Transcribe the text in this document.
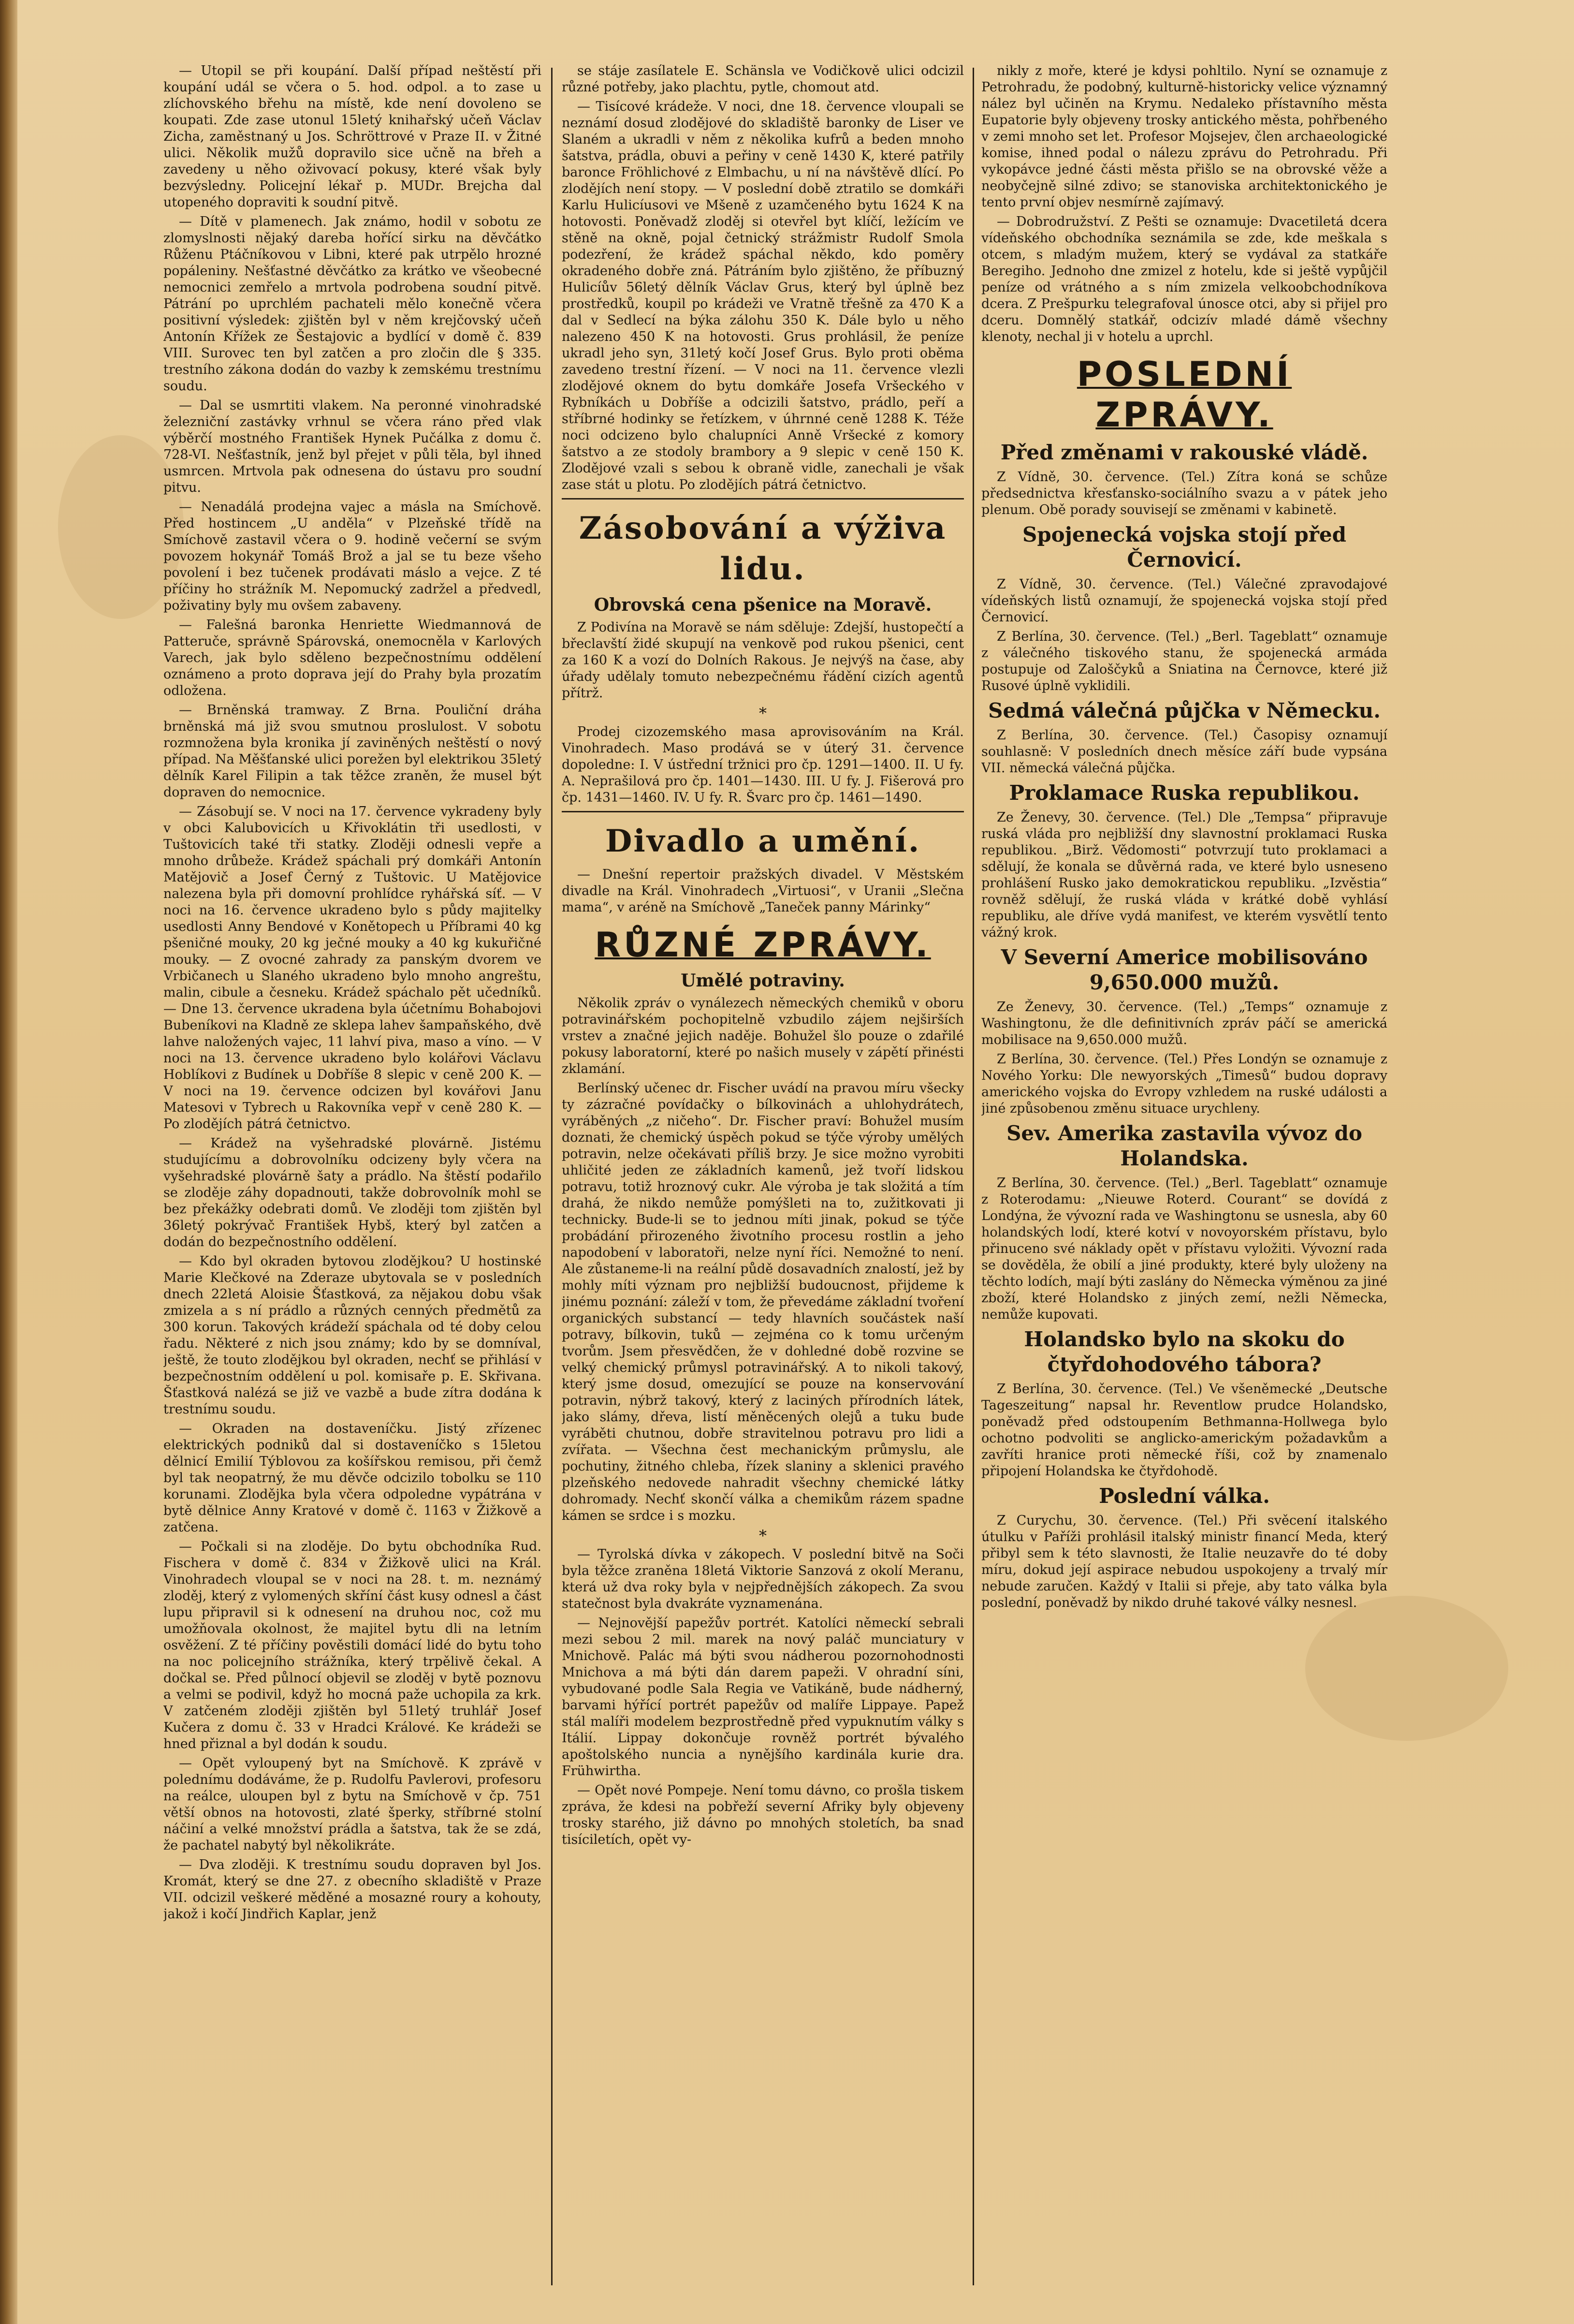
— Utopil se při koupání. Další případ neštěstí při koupání udál se včera o 5. hod. odpol. a to zase u zlíchovského břehu na místě, kde není dovoleno se koupati. Zde zase utonul 15letý knihařský učeň Václav Zicha, zaměstnaný u Jos. Schröttrové v Praze II. v Žitné ulici. Několik mužů dopravilo sice učně na břeh a zavedeny u něho oživovací pokusy, které však byly bezvýsledny. Policejní lékař p. MUDr. Brejcha dal utopeného dopraviti k soudní pitvě.

— Dítě v plamenech. Jak známo, hodil v sobotu ze zlomyslnosti nějaký dareba hořící sirku na děvčátko Růženu Ptáčníkovou v Libni, které pak utrpělo hrozné popáleniny. Nešťastné děvčátko za krátko ve všeobecné nemocnici zemřelo a mrtvola podrobena soudní pitvě. Pátrání po uprchlém pachateli mělo konečně včera positivní výsledek: zjištěn byl v něm krejčovský učeň Antonín Křížek ze Šestajovic a bydlící v domě č. 839 VIII. Surovec ten byl zatčen a pro zločin dle § 335. trestního zákona dodán do vazby k zemskému trestnímu soudu.

— Dal se usmrtiti vlakem. Na peronné vinohradské železniční zastávky vrhnul se včera ráno před vlak výběrčí mostného František Hynek Pučálka z domu č. 728-VI. Nešťastník, jenž byl přejet v půli těla, byl ihned usmrcen. Mrtvola pak odnesena do ústavu pro soudní pitvu.

— Nenadálá prodejna vajec a másla na Smíchově. Před hostincem „U anděla“ v Plzeňské třídě na Smíchově zastavil včera o 9. hodině večerní se svým povozem hokynář Tomáš Brož a jal se tu beze všeho povolení i bez tučenek prodávati máslo a vejce. Z té příčiny ho strážník M. Nepomucký zadržel a předvedl, poživatiny byly mu ovšem zabaveny.

— Falešná baronka Henriette Wiedmannová de Patteruče, správně Spárovská, onemocněla v Karlových Varech, jak bylo sděleno bezpečnostnímu oddělení oznámeno a proto doprava její do Prahy byla prozatím odložena.

— Brněnská tramway. Z Brna. Pouliční dráha brněnská má již svou smutnou proslulost. V sobotu rozmnožena byla kronika jí zaviněných neštěstí o nový případ. Na Měšťanské ulici porežen byl elektrikou 35letý dělník Karel Filipin a tak těžce zraněn, že musel být dopraven do nemocnice.

— Zásobují se. V noci na 17. července vykradeny byly v obci Kalubovicích u Křivoklátin tři usedlosti, v Tuštovicích také tři statky. Zloději odnesli vepře a mnoho drůbeže. Krádež spáchali prý domkáři Antonín Matějovič a Josef Černý z Tuštovic. U Matějovice nalezena byla při domovní prohlídce ryhářská síť. — V noci na 16. července ukradeno bylo s půdy majitelky usedlosti Anny Bendové v Konětopech u Příbrami 40 kg pšeničné mouky, 20 kg ječné mouky a 40 kg kukuřičné mouky. — Z ovocné zahrady za panským dvorem ve Vrbičanech u Slaného ukradeno bylo mnoho angreštu, malin, cibule a česneku. Krádež spáchalo pět učedníků. — Dne 13. července ukradena byla účetnímu Bohabojovi Bubeníkovi na Kladně ze sklepa lahev šampaňského, dvě lahve naložených vajec, 11 lahví piva, maso a víno. — V noci na 13. července ukradeno bylo kolářovi Václavu Hoblíkovi z Budínek u Dobříše 8 slepic v ceně 200 K. — V noci na 19. července odcizen byl kovářovi Janu Matesovi v Tybrech u Rakovníka vepř v ceně 280 K. — Po zlodějích pátrá četnictvo.

— Krádež na vyšehradské plovárně. Jistému studujícímu a dobrovolníku odcizeny byly včera na vyšehradské plovárně šaty a prádlo. Na štěstí podařilo se zloděje záhy dopadnouti, takže dobrovolník mohl se bez překážky odebrati domů. Ve zloději tom zjištěn byl 36letý pokrývač František Hybš, který byl zatčen a dodán do bezpečnostního oddělení.

— Kdo byl okraden bytovou zlodějkou? U hostinské Marie Klečkové na Zderaze ubytovala se v posledních dnech 22letá Aloisie Šťastková, za nějakou dobu však zmizela a s ní prádlo a různých cenných předmětů za 300 korun. Takových krádeží spáchala od té doby celou řadu. Některé z nich jsou známy; kdo by se domníval, ještě, že touto zlodějkou byl okraden, nechť se přihlásí v bezpečnostním oddělení u pol. komisaře p. E. Skřivana. Šťastková nalézá se již ve vazbě a bude zítra dodána k trestnímu soudu.

— Okraden na dostaveníčku. Jistý zřízenec elektrických podniků dal si dostaveníčko s 15letou dělnicí Emilií Týblovou za košířskou remisou, při čemž byl tak neopatrný, že mu děvče odcizilo tobolku se 110 korunami. Zlodějka byla včera odpoledne vypátrána v bytě dělnice Anny Kratové v domě č. 1163 v Žižkově a zatčena.

— Počkali si na zloděje. Do bytu obchodníka Rud. Fischera v domě č. 834 v Žižkově ulici na Král. Vinohradech vloupal se v noci na 28. t. m. neznámý zloděj, který z vylomených skříní část kusy odnesl a část lupu připravil si k odnesení na druhou noc, což mu umožňovala okolnost, že majitel bytu dli na letním osvěžení. Z té příčiny pověstili domácí lidé do bytu toho na noc policejního strážníka, který trpělivě čekal. A dočkal se. Před půlnocí objevil se zloděj v bytě poznovu a velmi se podivil, když ho mocná paže uchopila za krk. V zatčeném zloději zjištěn byl 51letý truhlář Josef Kučera z domu č. 33 v Hradci Králové. Ke krádeži se hned přiznal a byl dodán k soudu.

— Opět vyloupený byt na Smíchově. K zprávě v polednímu dodáváme, že p. Rudolfu Pavlerovi, profesoru na reálce, uloupen byl z bytu na Smíchově v čp. 751 větší obnos na hotovosti, zlaté šperky, stříbrné stolní náčiní a velké množství prádla a šatstva, tak že se zdá, že pachatel nabytý byl několikráte.

— Dva zloději. K trestnímu soudu dopraven byl Jos. Kromát, který se dne 27. z obecního skladiště v Praze VII. odcizil veškeré měděné a mosazné roury a kohouty, jakož i kočí Jindřich Kaplar, jenž

se stáje zasílatele E. Schänsla ve Vodičkově ulici odcizil různé potřeby, jako plachtu, pytle, chomout atd.

— Tisícové krádeže. V noci, dne 18. července vloupali se neznámí dosud zlodějové do skladiště baronky de Liser ve Slaném a ukradli v něm z několika kufrů a beden mnoho šatstva, prádla, obuvi a peřiny v ceně 1430 K, které patřily baronce Fröhlichové z Elmbachu, u ní na návštěvě dlící. Po zlodějích není stopy. — V poslední době ztratilo se domkáři Karlu Hulicíusovi ve Mšeně z uzamčeného bytu 1624 K na hotovosti. Poněvadž zloděj si otevřel byt klíčí, ležícím ve stěně na okně, pojal četnický strážmistr Rudolf Smola podezření, že krádež spáchal někdo, kdo poměry okradeného dobře zná. Pátráním bylo zjištěno, že příbuzný Hulicíův 56letý dělník Václav Grus, který byl úplně bez prostředků, koupil po krádeži ve Vratně třešně za 470 K a dal v Sedlecí na býka zálohu 350 K. Dále bylo u něho nalezeno 450 K na hotovosti. Grus prohlásil, že peníze ukradl jeho syn, 31letý kočí Josef Grus. Bylo proti oběma zavedeno trestní řízení. — V noci na 11. července vlezli zlodějové oknem do bytu domkáře Josefa Vršeckého v Rybníkách u Dobříše a odcizili šatstvo, prádlo, peří a stříbrné hodinky se řetízkem, v úhrnné ceně 1288 K. Téže noci odcizeno bylo chalupníci Anně Vršecké z komory šatstvo a ze stodoly brambory a 9 slepic v ceně 150 K. Zlodějové vzali s sebou k obraně vidle, zanechali je však zase stát u plotu. Po zlodějích pátrá četnictvo.

Zásobování a výživa lidu.
Obrovská cena pšenice na Moravě.

Z Podivína na Moravě se nám sděluje: Zdejší, hustopečtí a břeclavští židé skupují na venkově pod rukou pšenici, cent za 160 K a vozí do Dolních Rakous. Je nejvýš na čase, aby úřady udělaly tomuto nebezpečnému řádění cizích agentů přítrž.

*

Prodej cizozemského masa aprovisováním na Král. Vinohradech. Maso prodává se v úterý 31. července dopoledne: I. V ústřední tržnici pro čp. 1291—1400. II. U fy. A. Neprašilová pro čp. 1401—1430. III. U fy. J. Fišerová pro čp. 1431—1460. IV. U fy. R. Švarc pro čp. 1461—1490.

Divadlo a umění.

— Dnešní repertoir pražských divadel. V Městském divadle na Král. Vinohradech „Virtuosi“, v Uranii „Slečna mama“, v aréně na Smíchově „Taneček panny Márinky“

RŮZNÉ ZPRÁVY.
Umělé potraviny.

Několik zpráv o vynálezech německých chemiků v oboru potravinářském pochopitelně vzbudilo zájem nejširších vrstev a značné jejich naděje. Bohužel šlo pouze o zdařilé pokusy laboratorní, které po našich musely v zápětí přinésti zklamání.

Berlínský učenec dr. Fischer uvádí na pravou míru všecky ty zázračné povídačky o bílkovinách a uhlohydrátech, vyráběných „z ničeho“. Dr. Fischer praví: Bohužel musím doznati, že chemický úspěch pokud se týče výroby umělých potravin, nelze očekávati příliš brzy. Je sice možno vyrobiti uhličité jeden ze základních kamenů, jež tvoří lidskou potravu, totiž hroznový cukr. Ale výroba je tak složitá a tím drahá, že nikdo nemůže pomýšleti na to, zužitkovati ji technicky. Bude-li se to jednou míti jinak, pokud se týče probádání přirozeného životního procesu rostlin a jeho napodobení v laboratoři, nelze nyní říci. Nemožné to není. Ale zůstaneme-li na reální půdě dosavadních znalostí, jež by mohly míti význam pro nejbližší budoucnost, přijdeme k jinému poznání: záleží v tom, že převedáme základní tvoření organických substancí — tedy hlavních součástek naší potravy, bílkovin, tuků — zejména co k tomu určeným tvorům. Jsem přesvědčen, že v dohledné době rozvine se velký chemický průmysl potravinářský. A to nikoli takový, který jsme dosud, omezující se pouze na konservování potravin, nýbrž takový, který z laciných přírodních látek, jako slámy, dřeva, listí měněcených olejů a tuku bude vyráběti chutnou, dobře stravitelnou potravu pro lidi a zvířata. — Všechna čest mechanickým průmyslu, ale pochutiny, žitného chleba, řízek slaniny a sklenici pravého plzeňského nedovede nahradit všechny chemické látky dohromady. Nechť skončí válka a chemikům rázem spadne kámen se srdce i s mozku.

*

— Tyrolská dívka v zákopech. V poslední bitvě na Soči byla těžce zraněna 18letá Viktorie Sanzová z okolí Meranu, která už dva roky byla v nejpřednějších zákopech. Za svou statečnost byla dvakráte vyznamenána.

— Nejnovější papežův portrét. Katolíci německí sebrali mezi sebou 2 mil. marek na nový paláč munciatury v Mnichově. Palác má býti svou nádherou pozornohodnosti Mnichova a má býti dán darem papeži. V ohradní síni, vybudované podle Sala Regia ve Vatikáně, bude nádherný, barvami hýřící portrét papežův od malíře Lippaye. Papež stál malíři modelem bezprostředně před vypuknutím války s Itálií. Lippay dokončuje rovněž portrét bývalého apoštolského nuncia a nynějšího kardinála kurie dra. Frühwirtha.

— Opět nové Pompeje. Není tomu dávno, co prošla tiskem zpráva, že kdesi na pobřeží severní Afriky byly objeveny trosky starého, již dávno po mnohých stoletích, ba snad tisíciletích, opět vy-

nikly z moře, které je kdysi pohltilo. Nyní se oznamuje z Petrohradu, že podobný, kulturně-historicky velice významný nález byl učiněn na Krymu. Nedaleko přístavního města Eupatorie byly objeveny trosky antického města, pohřbeného v zemi mnoho set let. Profesor Mojsejev, člen archaeologické komise, ihned podal o nálezu zprávu do Petrohradu. Při vykopávce jedné části města přišlo se na obrovské věže a neobyčejně silné zdivo; se stanoviska architektonického je tento první objev nesmírně zajímavý.

— Dobrodružství. Z Pešti se oznamuje: Dvacetiletá dcera vídeňského obchodníka seznámila se zde, kde meškala s otcem, s mladým mužem, který se vydával za statkáře Beregiho. Jednoho dne zmizel z hotelu, kde si ještě vypůjčil peníze od vrátného a s ním zmizela velkoobchodníkova dcera. Z Prešpurku telegrafoval únosce otci, aby si přijel pro dceru. Domnělý statkář, odcizív mladé dámě všechny klenoty, nechal ji v hotelu a uprchl.

POSLEDNÍ ZPRÁVY.
Před změnami v rakouské vládě.

Z Vídně, 30. července. (Tel.) Zítra koná se schůze předsednictva křesťansko-sociálního svazu a v pátek jeho plenum. Obě porady souvisejí se změnami v kabinetě.

Spojenecká vojska stojí před Černovicí.

Z Vídně, 30. července. (Tel.) Válečné zpravodajové vídeňských listů oznamují, že spojenecká vojska stojí před Černovicí.

Z Berlína, 30. července. (Tel.) „Berl. Tageblatt“ oznamuje z válečného tiskového stanu, že spojenecká armáda postupuje od Zaloščyků a Sniatina na Černovce, které již Rusové úplně vyklidili.

Sedmá válečná půjčka v Německu.

Z Berlína, 30. července. (Tel.) Časopisy oznamují souhlasně: V posledních dnech měsíce září bude vypsána VII. německá válečná půjčka.

Proklamace Ruska republikou.

Ze Ženevy, 30. července. (Tel.) Dle „Tempsa“ připravuje ruská vláda pro nejbližší dny slavnostní proklamaci Ruska republikou. „Birž. Vědomosti“ potvrzují tuto proklamaci a sdělují, že konala se důvěrná rada, ve které bylo usneseno prohlášení Rusko jako demokratickou republiku. „Izvěstia“ rovněž sdělují, že ruská vláda v krátké době vyhlásí republiku, ale dříve vydá manifest, ve kterém vysvětlí tento vážný krok.

V Severní Americe mobilisováno 9,650.000 mužů.

Ze Ženevy, 30. července. (Tel.) „Temps“ oznamuje z Washingtonu, že dle definitivních zpráv páčí se americká mobilisace na 9,650.000 mužů.

Z Berlína, 30. července. (Tel.) Přes Londýn se oznamuje z Nového Yorku: Dle newyorských „Timesů“ budou dopravy amerického vojska do Evropy vzhledem na ruské události a jiné způsobenou změnu situace urychleny.

Sev. Amerika zastavila vývoz do Holandska.

Z Berlína, 30. července. (Tel.) „Berl. Tageblatt“ oznamuje z Roterodamu: „Nieuwe Roterd. Courant“ se dovídá z Londýna, že vývozní rada ve Washingtonu se usnesla, aby 60 holandských lodí, které kotví v novoyorském přístavu, bylo přinuceno své náklady opět v přístavu vyložiti. Vývozní rada se dověděla, že obilí a jiné produkty, které byly uloženy na těchto lodích, mají býti zaslány do Německa výměnou za jiné zboží, které Holandsko z jiných zemí, nežli Německa, nemůže kupovati.

Holandsko bylo na skoku do čtyřdohodového tábora?

Z Berlína, 30. července. (Tel.) Ve všeněmecké „Deutsche Tageszeitung“ napsal hr. Reventlow prudce Holandsko, poněvadž před odstoupením Bethmanna-Hollwega bylo ochotno podvoliti se anglicko-americkým požadavkům a zavříti hranice proti německé říši, což by znamenalo připojení Holandska ke čtyřdohodě.

Poslední válka.

Z Curychu, 30. července. (Tel.) Při svěcení italského útulku v Paříži prohlásil italský ministr financí Meda, který přibyl sem k této slavnosti, že Italie neuzavře do té doby míru, dokud její aspirace nebudou uspokojeny a trvalý mír nebude zaručen. Každý v Italii si přeje, aby tato válka byla poslední, poněvadž by nikdo druhé takové války nesnesl.
